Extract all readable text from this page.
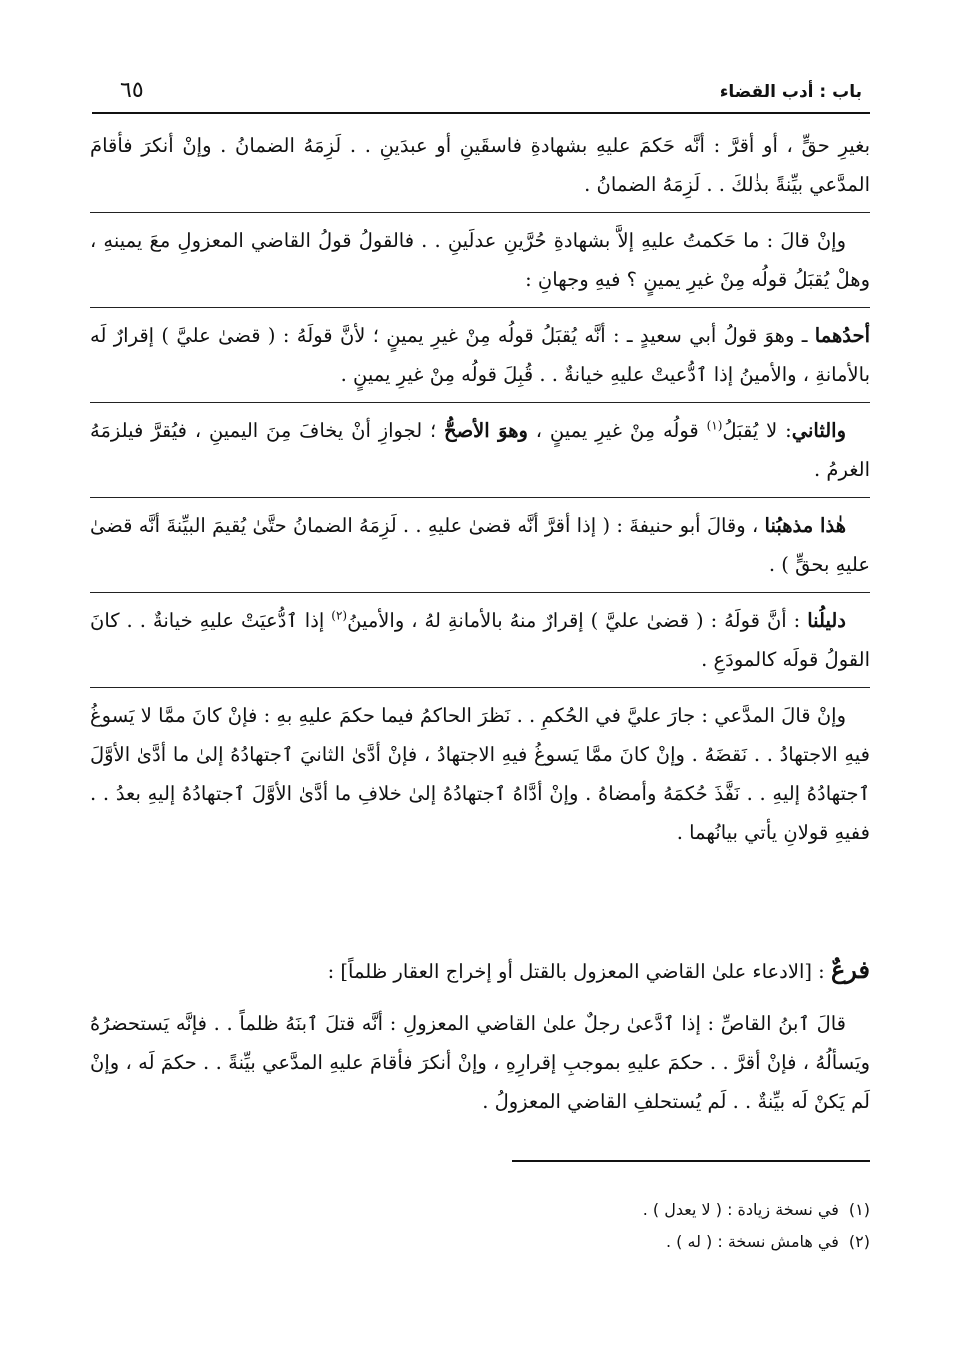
٦٥	باب : أدب القضاء

بغيرِ حقٍّ ، أو أقرَّ : أنَّه حَكمَ عليهِ بشهادةِ فاسقَينِ أو عبدَينِ . . لَزِمَهُ الضمانُ . وإنْ أنكرَ فأقامَ المدَّعي بيِّنةً بذٰلكَ . . لَزِمَهُ الضمانُ .

وإنْ قالَ : ما حَكمتُ عليهِ إلاَّ بشهادةِ حُرَّينِ عدلَينِ . . فالقولُ قولُ القاضي المعزولِ معَ يمينهِ ، وهلْ يُقبَلُ قولُه مِنْ غيرِ يمينٍ ؟ فيهِ وجهانِ :

أحدُهما ـ وهوَ قولُ أبي سعيدٍ ـ : أنَّه يُقبَلُ قولُه مِنْ غيرِ يمينٍ ؛ لأنَّ قولَهُ : ( قضىٰ عليَّ ) إقرارٌ لَه بالأمانةِ ، والأمينُ إذا ٱدُّعيتْ عليهِ خيانةٌ . . قُبِلَ قولُه مِنْ غيرِ يمينٍ .

والثاني: لا يُقبَلُ$^{(١)}$ قولُه مِنْ غيرِ يمينٍ ، وهوَ الأصحُّ ؛ لجوازِ أنْ يخافَ مِنَ اليمينِ ، فيُقرَّ فيلزمَهُ الغرمُ .

هٰذا مذهبُنا ، وقالَ أبو حنيفةَ : ( إذا أقرَّ أنَّه قضىٰ عليهِ . . لَزِمَهُ الضمانُ حتَّىٰ يُقيمَ البيِّنةَ أنَّه قضىٰ عليهِ بحقٍّ ) .

دليلُنا : أنَّ قولَهُ : ( قضىٰ عليَّ ) إقرارٌ منهُ بالأمانةِ لهُ ، والأمينُ$^{(٢)}$ إذا ٱدُّعيَتْ عليهِ خيانةٌ . . كانَ القولُ قولَه كالمودَعِ .

وإنْ قالَ المدَّعي : جارَ عليَّ في الحُكمِ . . نَظرَ الحاكمُ فيما حكمَ عليهِ بهِ : فإنْ كانَ ممَّا لا يَسوغُ فيهِ الاجتهادُ . . نَقضَهُ . وإنْ كانَ ممَّا يَسوغُ فيهِ الاجتهادُ ، فإنْ أدَّىٰ الثانيَ ٱجتهادُهُ إلىٰ ما أدَّىٰ الأوَّلَ ٱجتهادُهُ إليهِ . . نَفَّذَ حُكمَهُ وأمضاهُ . وإنْ أدَّاهُ ٱجتهادُهُ إلىٰ خلافِ ما أدَّىٰ الأوَّلَ ٱجتهادُهُ إليهِ بعدُ . . ففيهِ قولانِ يأتي بيانُهما .

فرعٌ : [الادعاء علىٰ القاضي المعزول بالقتل أو إخراج العقار ظلماً] :

قالَ ٱبنُ القاصِّ : إذا ٱدَّعىٰ رجلٌ علىٰ القاضي المعزولِ : أنَّه قتلَ ٱبنَهُ ظلماً . . فإنَّه يَستحضرُهُ ويَسألُهُ ، فإنْ أقرَّ . . حكمَ عليهِ بموجبِ إقرارِهِ ، وإنْ أنكرَ فأقامَ عليهِ المدَّعي بيِّنةً . . حكمَ لَه ، وإنْ لَم يَكنْ لَه بيِّنةٌ . . لَم يُستحلفِ القاضي المعزولُ .

(١)في نسخة زيادة : ( لا يعدل ) .

(٢)في هامش نسخة : ( له ) .
